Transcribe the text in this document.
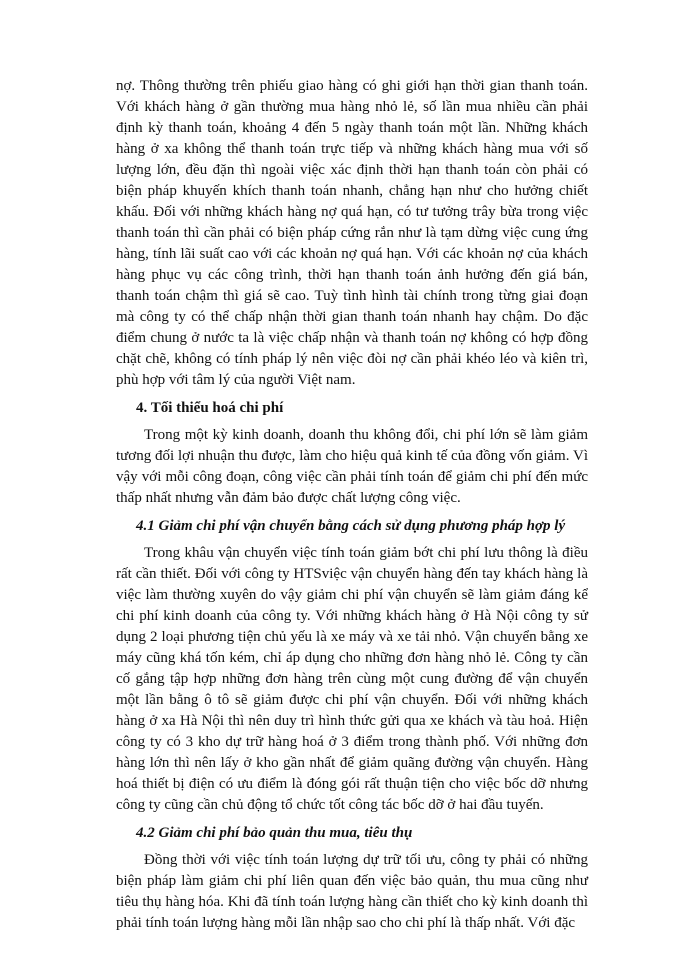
nợ. Thông thường trên phiếu giao hàng có ghi giới hạn thời gian thanh toán. Với khách hàng ở gần thường mua hàng nhỏ lẻ, số lần mua nhiều cần phải định kỳ thanh toán, khoảng 4 đến 5 ngày thanh toán một lần. Những khách hàng ở xa không thể thanh toán trực tiếp và những khách hàng mua với số lượng lớn, đều đặn thì ngoài việc xác định thời hạn thanh toán còn phải có biện pháp khuyến khích thanh toán nhanh, chẳng hạn như cho hưởng chiết khấu. Đối với những khách hàng nợ quá hạn, có tư tưởng trây bừa trong việc thanh toán thì cần phải có biện pháp cứng rắn như là tạm dừng việc cung ứng hàng, tính lãi suất cao với các khoản nợ quá hạn. Với các khoản nợ của khách hàng phục vụ các công trình, thời hạn thanh toán ảnh hưởng đến giá bán, thanh toán chậm thì giá sẽ cao. Tuỳ tình hình tài chính trong từng giai đoạn mà công ty có thể chấp nhận thời gian thanh toán nhanh hay chậm. Do đặc điểm chung ở nước ta là việc chấp nhận và thanh toán nợ không có hợp đồng chặt chẽ, không có tính pháp lý nên việc đòi nợ cần phải khéo léo và kiên trì, phù hợp với tâm lý của người Việt nam.

4. Tối thiểu hoá chi phí

Trong một kỳ kinh doanh, doanh thu không đổi, chi phí lớn sẽ làm giảm tương đối lợi nhuận thu được, làm cho hiệu quả kinh tế của đồng vốn giảm. Vì vậy với mỗi công đoạn, công việc cần phải tính toán để giảm chi phí đến mức thấp nhất nhưng vẫn đảm bảo được chất lượng công việc.

4.1 Giảm chi phí vận chuyển bằng cách sử dụng phương pháp hợp lý

Trong khâu vận chuyển việc tính toán giảm bớt chi phí lưu thông là điều rất cần thiết. Đối với công ty HTSviệc vận chuyển hàng đến tay khách hàng là việc làm thường xuyên do vậy giảm chi phí vận chuyển sẽ làm giảm đáng kể chi phí kinh doanh của công ty. Với những khách hàng ở Hà Nội công ty sử dụng 2 loại phương tiện chủ yếu là xe máy và xe tải nhỏ. Vận chuyển bằng xe máy cũng khá tốn kém, chỉ áp dụng cho những đơn hàng nhỏ lẻ. Công ty cần cố gắng tập hợp những đơn hàng trên cùng một cung đường để vận chuyển một lần bằng ô tô sẽ giảm được chi phí vận chuyển. Đối với những khách hàng ở xa Hà Nội thì nên duy trì hình thức gửi qua xe khách và tàu hoả. Hiện công ty có 3 kho dự trữ hàng hoá ở 3 điểm trong thành phố. Với những đơn hàng lớn thì nên lấy ở kho gần nhất để giảm quãng đường vận chuyển. Hàng hoá thiết bị điện có ưu điểm là đóng gói rất thuận tiện cho việc bốc dỡ nhưng công ty cũng cần chủ động tổ chức tốt công tác bốc dỡ ở hai đầu tuyến.

4.2 Giảm chi phí bảo quản thu mua, tiêu thụ

Đồng thời với việc tính toán lượng dự trữ tối ưu, công ty phải có những biện pháp làm giảm chi phí liên quan đến việc bảo quản, thu mua cũng như tiêu thụ hàng hóa. Khi đã tính toán lượng hàng cần thiết cho kỳ kinh doanh thì phải tính toán lượng hàng mỗi lần nhập sao cho chi phí là thấp nhất. Với đặc
